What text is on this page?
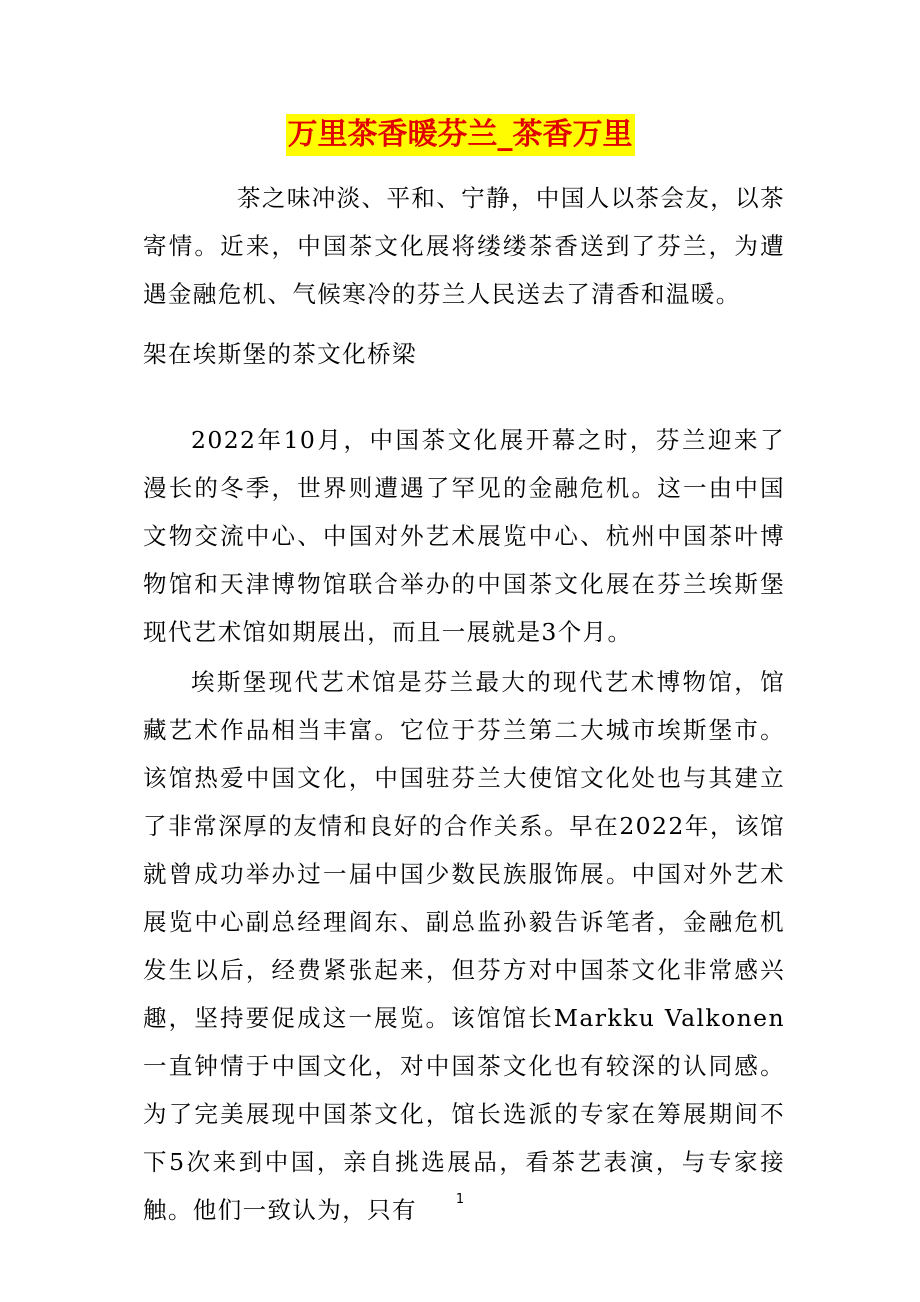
万里茶香暖芬兰_茶香万里
茶之味冲淡、平和、宁静，中国人以茶会友，以茶寄情。近来，中国茶文化展将缕缕茶香送到了芬兰，为遭遇金融危机、气候寒冷的芬兰人民送去了清香和温暖。
架在埃斯堡的茶文化桥梁
2022年10月，中国茶文化展开幕之时，芬兰迎来了漫长的冬季，世界则遭遇了罕见的金融危机。这一由中国文物交流中心、中国对外艺术展览中心、杭州中国茶叶博物馆和天津博物馆联合举办的中国茶文化展在芬兰埃斯堡现代艺术馆如期展出，而且一展就是3个月。
埃斯堡现代艺术馆是芬兰最大的现代艺术博物馆，馆藏艺术作品相当丰富。它位于芬兰第二大城市埃斯堡市。该馆热爱中国文化，中国驻芬兰大使馆文化处也与其建立了非常深厚的友情和良好的合作关系。早在2022年，该馆就曾成功举办过一届中国少数民族服饰展。中国对外艺术展览中心副总经理阎东、副总监孙毅告诉笔者，金融危机发生以后，经费紧张起来，但芬方对中国茶文化非常感兴趣，坚持要促成这一展览。该馆馆长Markku Valkonen一直钟情于中国文化，对中国茶文化也有较深的认同感。为了完美展现中国茶文化，馆长选派的专家在筹展期间不下5次来到中国，亲自挑选展品，看茶艺表演，与专家接触。他们一致认为，只有	1
